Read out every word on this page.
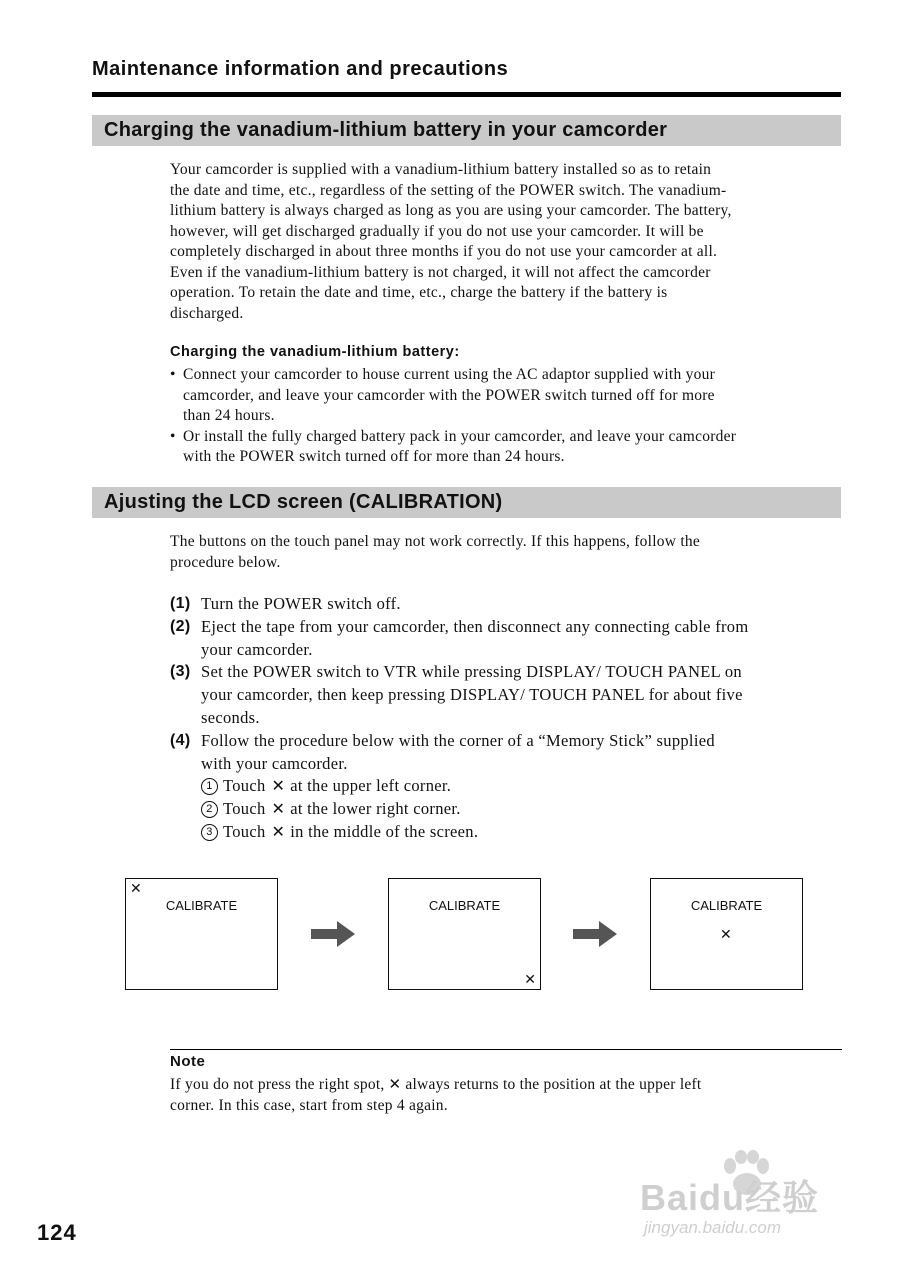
Maintenance information and precautions
Charging the vanadium-lithium battery in your camcorder
Your camcorder is supplied with a vanadium-lithium battery installed so as to retain
the date and time, etc., regardless of the setting of the POWER switch. The vanadium-
lithium battery is always charged as long as you are using your camcorder. The battery,
however, will get discharged gradually if you do not use your camcorder. It will be
completely discharged in about three months if you do not use your camcorder at all.
Even if the vanadium-lithium battery is not charged, it will not affect the camcorder
operation. To retain the date and time, etc., charge the battery if the battery is
discharged.
Charging the vanadium-lithium battery:
• Connect your camcorder to house current using the AC adaptor supplied with your
camcorder, and leave your camcorder with the POWER switch turned off for more
than 24 hours.
• Or install the fully charged battery pack in your camcorder, and leave your camcorder
with the POWER switch turned off for more than 24 hours.
Ajusting the LCD screen (CALIBRATION)
The buttons on the touch panel may not work correctly. If this happens, follow the
procedure below.
(1) Turn the POWER switch off.
(2) Eject the tape from your camcorder, then disconnect any connecting cable from
your camcorder.
(3) Set the POWER switch to VTR while pressing DISPLAY/ TOUCH PANEL on
your camcorder, then keep pressing DISPLAY/ TOUCH PANEL for about five
seconds.
(4) Follow the procedure below with the corner of a “Memory Stick” supplied
with your camcorder.
1 Touch ✕ at the upper left corner.
2 Touch ✕ at the lower right corner.
3 Touch ✕ in the middle of the screen.
CALIBRATE
✕
CALIBRATE
✕
CALIBRATE
✕
Note
If you do not press the right spot, ✕ always returns to the position at the upper left
corner. In this case, start from step 4 again.
124
Baidu经验
jingyan.baidu.com
